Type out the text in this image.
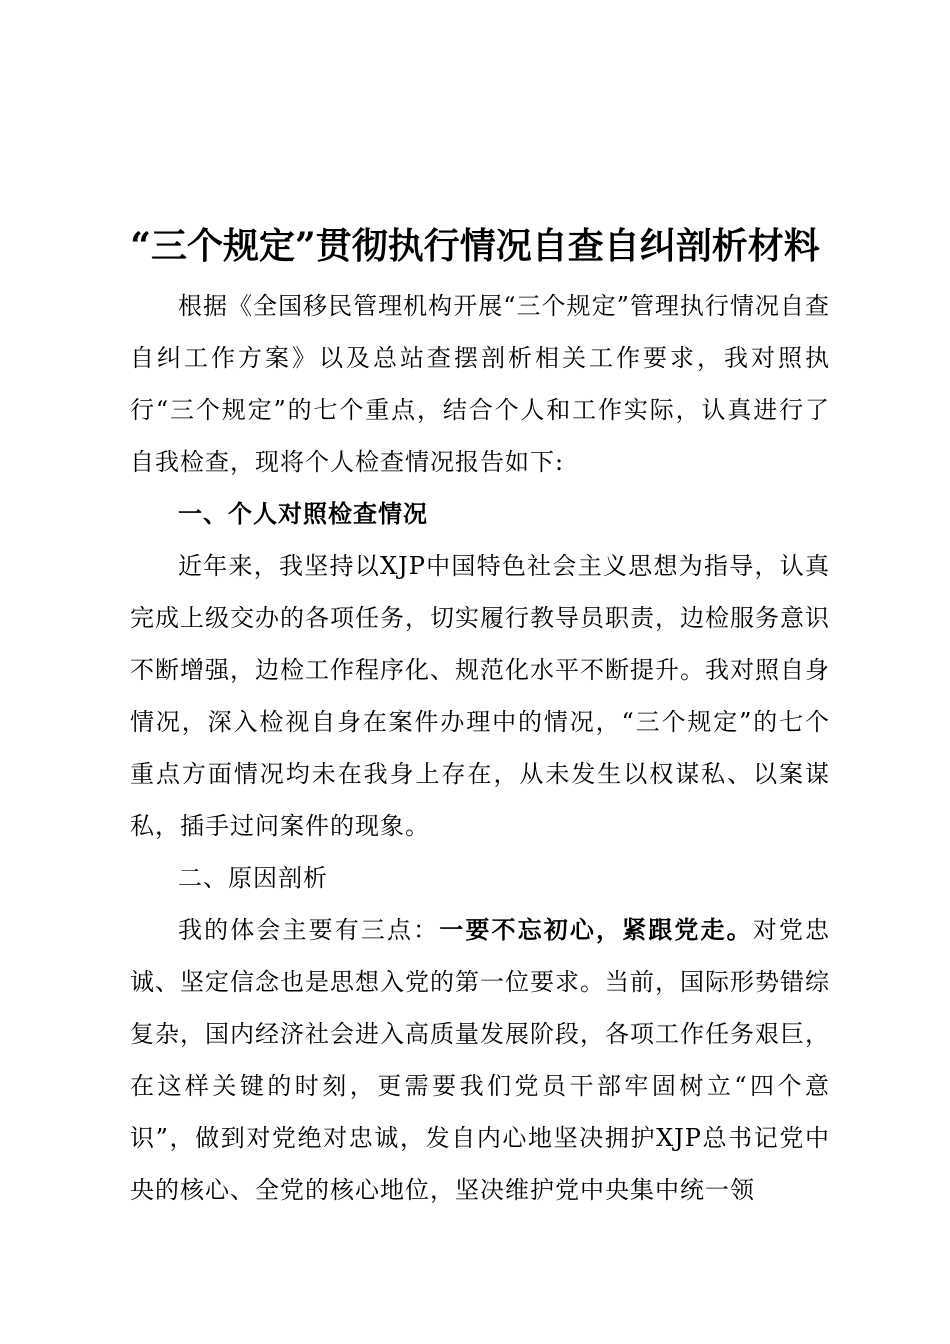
“三个规定”贯彻执行情况自查自纠剖析材料

根据《全国移民管理机构开展“三个规定”管理执行情况自查自纠工作方案》以及总站查摆剖析相关工作要求，我对照执行“三个规定”的七个重点，结合个人和工作实际，认真进行了自我检查，现将个人检查情况报告如下:

一、个人对照检查情况

近年来，我坚持以XJP中国特色社会主义思想为指导，认真完成上级交办的各项任务，切实履行教导员职责，边检服务意识不断增强，边检工作程序化、规范化水平不断提升。我对照自身情况，深入检视自身在案件办理中的情况，“三个规定”的七个重点方面情况均未在我身上存在，从未发生以权谋私、以案谋私，插手过问案件的现象。

二、原因剖析

我的体会主要有三点：一要不忘初心，紧跟党走。对党忠诚、坚定信念也是思想入党的第一位要求。当前，国际形势错综复杂，国内经济社会进入高质量发展阶段，各项工作任务艰巨，在这样关键的时刻，更需要我们党员干部牢固树立“四个意识”，做到对党绝对忠诚，发自内心地坚决拥护XJP总书记党中央的核心、全党的核心地位，坚决维护党中央集中统一领
